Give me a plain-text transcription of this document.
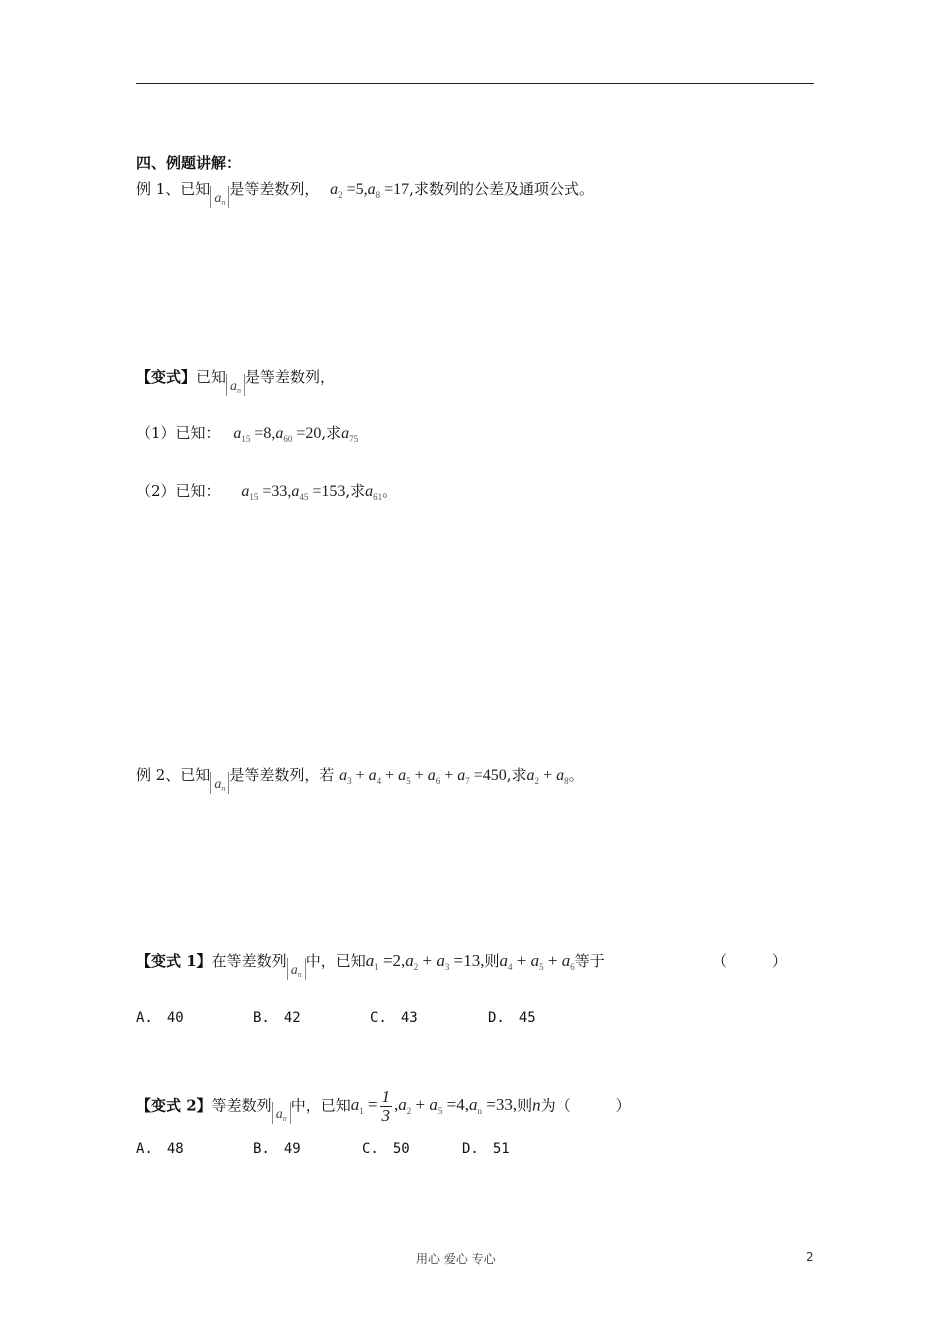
四、例题讲解：
例 1、已知$a_n$是等差数列， $a_2 =5,a_8 =17$,求数列的公差及通项公式。
【变式】已知$a_n$是等差数列，
（1）已知： $a_{15} =8,a_{60} =20$,求$a_{75}$
（2）已知： $a_{15} =33,a_{45} =153$,求$a_{61}$。
例 2、已知$a_n$是等差数列，若 $a_3 + a_4 + a_5 + a_6 + a_7 =450$,求$a_2 + a_8$。
【变式 1】在等差数列$a_n$中，已知$a_1 =2,a_2 + a_3 =13$,则$a_4 + a_5 + a_6$等于	（　　　）
A.　40	B.　42	C.　43	D.　45
【变式 2】等差数列$a_n$中，已知$a_1 = \frac{1}{3} ,a_2 + a_5 =4,a_n =33$,则n为（　　　）
A.　48	B.　49	C.　50	D.　51
用心 爱心 专心	2
